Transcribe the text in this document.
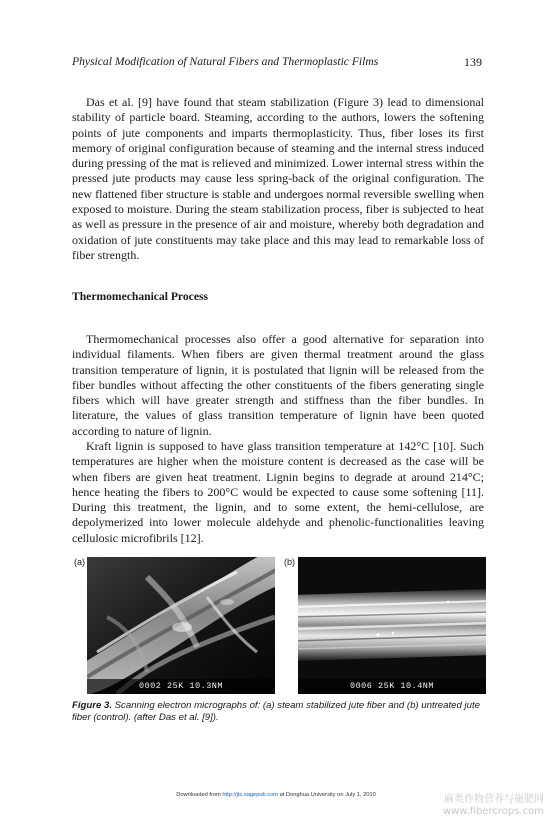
Physical Modification of Natural Fibers and Thermoplastic Films	139

Das et al. [9] have found that steam stabilization (Figure 3) lead to dimensional stability of particle board. Steaming, according to the authors, lowers the softening points of jute components and imparts thermoplasticity. Thus, fiber loses its first memory of original configuration because of steaming and the internal stress induced during pressing of the mat is relieved and minimized. Lower internal stress within the pressed jute products may cause less spring-back of the original configuration. The new flattened fiber structure is stable and undergoes normal reversible swelling when exposed to moisture. During the steam stabilization process, fiber is subjected to heat as well as pressure in the presence of air and moisture, whereby both degradation and oxidation of jute constituents may take place and this may lead to remarkable loss of fiber strength.

Thermomechanical Process

Thermomechanical processes also offer a good alternative for separation into individual filaments. When fibers are given thermal treatment around the glass transition temperature of lignin, it is postulated that lignin will be released from the fiber bundles without affecting the other constituents of the fibers generating single fibers which will have greater strength and stiffness than the fiber bundles. In literature, the values of glass transition temperature of lignin have been quoted according to nature of lignin.

Kraft lignin is supposed to have glass transition temperature at 142°C [10]. Such temperatures are higher when the moisture content is decreased as the case will be when fibers are given heat treatment. Lignin begins to degrade at around 214°C; hence heating the fibers to 200°C would be expected to cause some softening [11]. During this treatment, the lignin, and to some extent, the hemi-cellulose, are depolymerized into lower molecule aldehyde and phenolic-functionalities leaving cellulosic microfibrils [12].

(a)	(b)
0002 25K 10.3NM	0006 25K 10.4NM
Figure 3. Scanning electron micrographs of: (a) steam stabilized jute fiber and (b) untreated jute fiber (control). (after Das et al. [9]).
Downloaded from http://jtc.sagepub.com at Donghua University on July 1, 2010	麻类作物营养与施肥网
www.fibercrops.com
